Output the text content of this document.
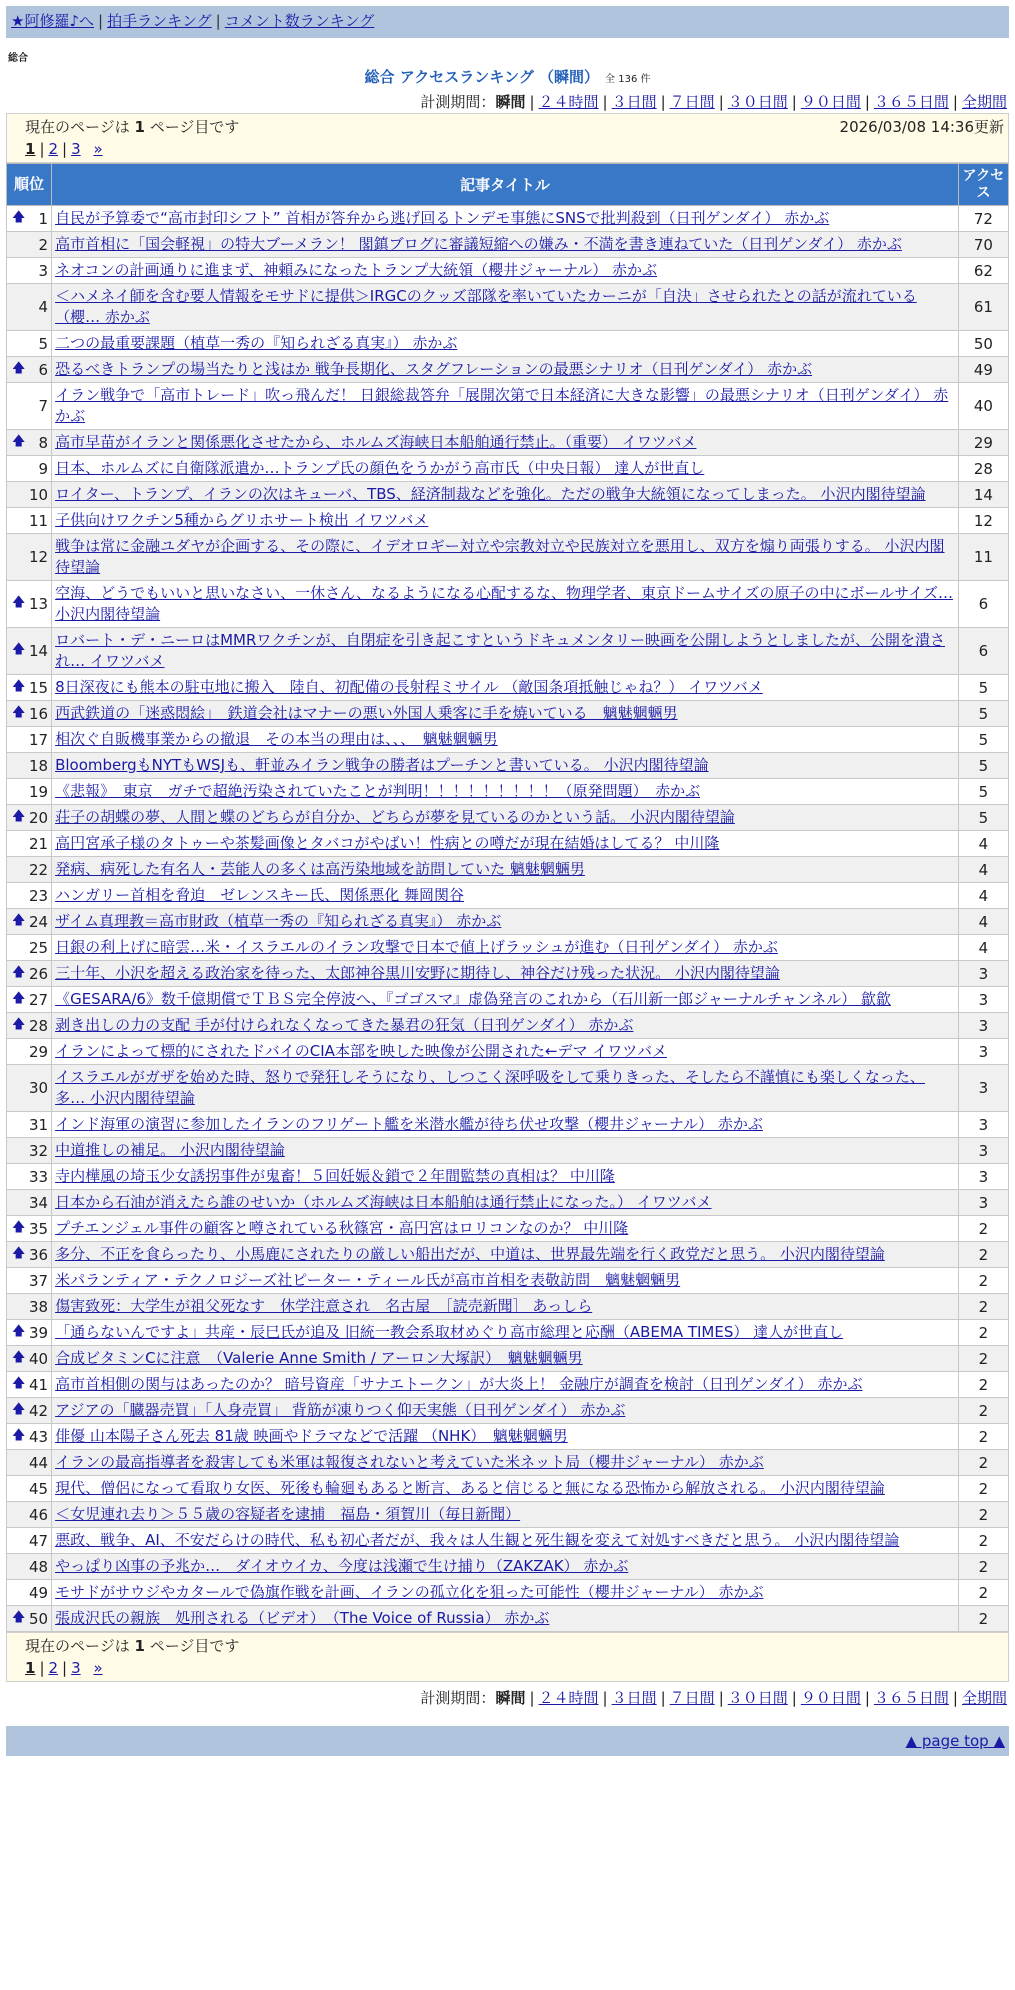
★阿修羅♪へ | 拍手ランキング | コメント数ランキング
総合
総合 アクセスランキング （瞬間） 全 136 件
計測期間：瞬間 | ２４時間 | ３日間 | ７日間 | ３０日間 | ９０日間 | ３６５日間 | 全期間
現在のページは 1 ページ目です	2026/03/08 14:36更新
1 | 2 | 3 »
順位	記事タイトル	アクセス

🡅 1	自民が予算委で“高市封印シフト” 首相が答弁から逃げ回るトンデモ事態にSNSで批判殺到（日刊ゲンダイ） 赤かぶ	72
2	高市首相に「国会軽視」の特大ブーメラン！ 閣鎮ブログに審議短縮への嫌み・不満を書き連ねていた（日刊ゲンダイ） 赤かぶ	70
3	ネオコンの計画通りに進まず、神頼みになったトランプ大統領（櫻井ジャーナル） 赤かぶ	62
4	＜ハメネイ師を含む要人情報をモサドに提供＞IRGCのクッズ部隊を率いていたカーニが「自決」させられたとの話が流れている（櫻… 赤かぶ	61
5	二つの最重要課題（植草一秀の『知られざる真実』） 赤かぶ	50

🡅 6	恐るべきトランプの場当たりと浅はか 戦争長期化、スタグフレーションの最悪シナリオ（日刊ゲンダイ） 赤かぶ	49
7	イラン戦争で「高市トレード」吹っ飛んだ！ 日銀総裁答弁「展開次第で日本経済に大きな影響」の最悪シナリオ（日刊ゲンダイ） 赤かぶ	40

🡅 8	高市早苗がイランと関係悪化させたから、ホルムズ海峡日本船舶通行禁止。（重要） イワツバメ	29
9	日本、ホルムズに自衛隊派遣か…トランプ氏の顔色をうかがう高市氏（中央日報） 達人が世直し	28
10	ロイター、トランプ、イランの次はキューバ、TBS、経済制裁などを強化。ただの戦争大統領になってしまった。 小沢内閣待望論	14
11	子供向けワクチン5種からグリホサート検出 イワツバメ	12
12	戦争は常に金融ユダヤが企画する、その際に、イデオロギー対立や宗教対立や民族対立を悪用し、双方を煽り両張りする。 小沢内閣待望論	11

🡅 13	空海、どうでもいいと思いなさい、一休さん、なるようになる心配するな、物理学者、東京ドームサイズの原子の中にボールサイズ… 小沢内閣待望論	6

🡅 14	ロバート・デ・ニーロはMMRワクチンが、自閉症を引き起こすというドキュメンタリー映画を公開しようとしましたが、公開を潰され… イワツバメ	6

🡅 15	8日深夜にも熊本の駐屯地に搬入　陸自、初配備の長射程ミサイル （敵国条項抵触じゃね？） イワツバメ	5

🡅 16	西武鉄道の「迷惑悶絵」　鉄道会社はマナーの悪い外国人乗客に手を焼いている　魑魅魍魎男	5
17	相次ぐ自販機事業からの撤退　その本当の理由は、、、　魑魅魍魎男	5
18	BloombergもNYTもWSJも、軒並みイラン戦争の勝者はプーチンと書いている。 小沢内閣待望論	5
19	《悲報》　東京　ガチで超絶汚染されていたことが判明！！！！！！！！！（原発問題）　赤かぶ	5

🡅 20	荘子の胡蝶の夢、人間と蝶のどちらが自分か、どちらが夢を見ているのかという話。 小沢内閣待望論	5
21	高円宮承子様のタトゥーや茶髪画像とタバコがやばい！性病との噂だが現在結婚はしてる？ 中川隆	4
22	発病、病死した有名人・芸能人の多くは高汚染地域を訪問していた 魑魅魍魎男	4
23	ハンガリー首相を脅迫　ゼレンスキー氏、関係悪化 舞岡関谷	4

🡅 24	ザイム真理教＝高市財政（植草一秀の『知られざる真実』） 赤かぶ	4
25	日銀の利上げに暗雲…米・イスラエルのイラン攻撃で日本で値上げラッシュが進む（日刊ゲンダイ） 赤かぶ	4

🡅 26	三十年、小沢を超える政治家を待った、太郎神谷黒川安野に期待し、神谷だけ残った状況。 小沢内閣待望論	3

🡅 27	《GESARA/6》数千億期償でＴＢＳ完全停波へ、『ゴゴスマ』虚偽発言のこれから（石川新一郎ジャーナルチャンネル） 歙歙	3

🡅 28	剥き出しの力の支配 手が付けられなくなってきた暴君の狂気（日刊ゲンダイ） 赤かぶ	3
29	イランによって標的にされたドバイのCIA本部を映した映像が公開された←デマ イワツバメ	3
30	イスラエルがガザを始めた時、怒りで発狂しそうになり、しつこく深呼吸をして乗りきった、そしたら不謹慎にも楽しくなった、多… 小沢内閣待望論	3
31	インド海軍の演習に参加したイランのフリゲート艦を米潜水艦が待ち伏せ攻撃（櫻井ジャーナル） 赤かぶ	3
32	中道推しの補足。 小沢内閣待望論	3
33	寺内樺風の埼玉少女誘拐事件が鬼畜！５回妊娠＆鎖で２年間監禁の真相は？ 中川隆	3
34	日本から石油が消えたら誰のせいか（ホルムズ海峡は日本船舶は通行禁止になった。） イワツバメ	3

🡅 35	プチエンジェル事件の顧客と噂されている秋篠宮・高円宮はロリコンなのか？ 中川隆	2

🡅 36	多分、不正を食らったり、小馬鹿にされたりの厳しい船出だが、中道は、世界最先端を行く政党だと思う。 小沢内閣待望論	2
37	米パランティア・テクノロジーズ社ピーター・ティール氏が高市首相を表敬訪問　魑魅魍魎男	2
38	傷害致死：大学生が祖父死なす　休学注意され　名古屋　［読売新聞］ あっしら	2

🡅 39	「通らないんですよ」共産・辰巳氏が追及 旧統一教会系取材めぐり高市総理と応酬（ABEMA TIMES） 達人が世直し	2

🡅 40	合成ビタミンCに注意　（Valerie Anne Smith / アーロン大塚訳）　魑魅魍魎男	2

🡅 41	高市首相側の関与はあったのか？ 暗号資産「サナエトークン」が大炎上！ 金融庁が調査を検討（日刊ゲンダイ） 赤かぶ	2

🡅 42	アジアの「臓器売買」「人身売買」 背筋が凍りつく仰天実態（日刊ゲンダイ） 赤かぶ	2

🡅 43	俳優 山本陽子さん死去 81歳 映画やドラマなどで活躍 （NHK）　魑魅魍魎男	2
44	イランの最高指導者を殺害しても米軍は報復されないと考えていた米ネット局（櫻井ジャーナル） 赤かぶ	2
45	現代、僧侶になって看取り女医、死後も輪廻もあると断言、あると信じると無になる恐怖から解放される。 小沢内閣待望論	2
46	＜女児連れ去り＞５５歳の容疑者を逮捕　福島・須賀川（毎日新聞）	2
47	悪政、戦争、AI、不安だらけの時代、私も初心者だが、我々は人生観と死生観を変えて対処すべきだと思う。 小沢内閣待望論	2
48	やっぱり凶事の予兆か…　ダイオウイカ、今度は浅瀬で生け捕り（ZAKZAK） 赤かぶ	2
49	モサドがサウジやカタールで偽旗作戦を計画、イランの孤立化を狙った可能性（櫻井ジャーナル） 赤かぶ	2

🡅 50	張成沢氏の親族　処刑される（ビデオ）　（The Voice of Russia） 赤かぶ	2
現在のページは 1 ページ目です
1 | 2 | 3 »
計測期間：瞬間 | ２４時間 | ３日間 | ７日間 | ３０日間 | ９０日間 | ３６５日間 | 全期間
▲ page top ▲
